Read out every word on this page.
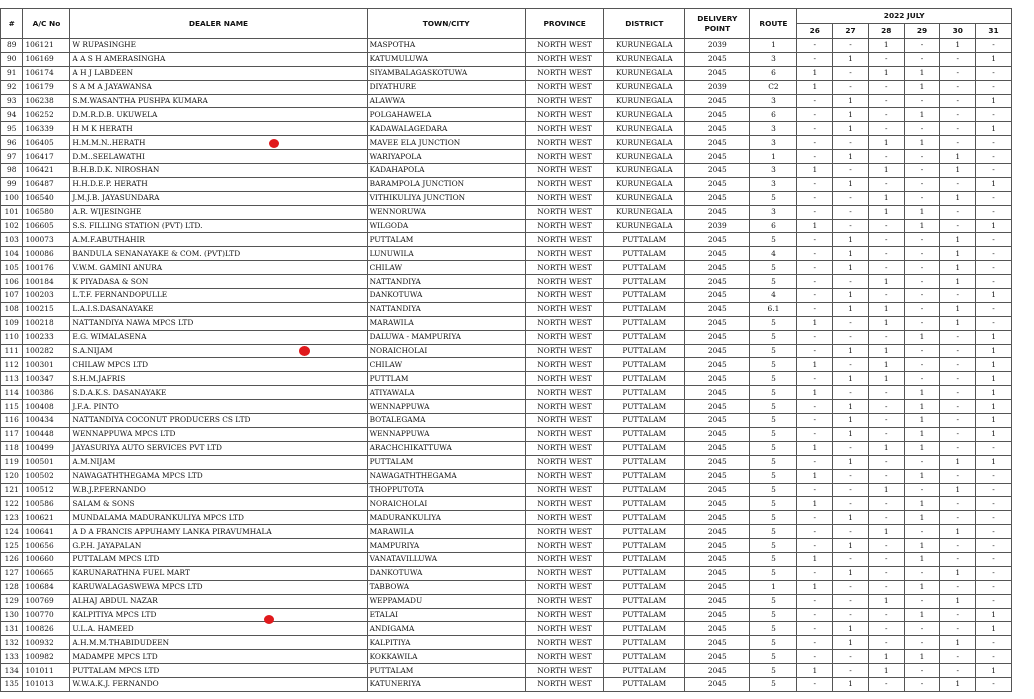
#	A/C No	DEALER NAME	TOWN/CITY	PROVINCE	DISTRICT	DELIVERY POINT	ROUTE	2022 JULY					
								26	27	28	29	30	31
89	106121	W RUPASINGHE	MASPOTHA	NORTH WEST	KURUNEGALA	2039	1	-	-	1	-	1	-
90	106169	A A S H AMERASINGHA	KATUMULUWA	NORTH WEST	KURUNEGALA	2045	3	-	1	-	-	-	1
91	106174	A H J LABDEEN	SIYAMBALAGASKOTUWA	NORTH WEST	KURUNEGALA	2045	6	1	-	1	1	-	-
92	106179	S A M A JAYAWANSA	DIYATHURE	NORTH WEST	KURUNEGALA	2039	C2	1	-	-	1	-	-
93	106238	S.M.WASANTHA PUSHPA KUMARA	ALAWWA	NORTH WEST	KURUNEGALA	2045	3	-	1	-	-	-	1
94	106252	D.M.R.D.B. UKUWELA	POLGAHAWELA	NORTH WEST	KURUNEGALA	2045	6	-	1	-	1	-	-
95	106339	H M K HERATH	KADAWALAGEDARA	NORTH WEST	KURUNEGALA	2045	3	-	1	-	-	-	1
96	106405	H.M.M.N..HERATH	MAVEE ELA JUNCTION	NORTH WEST	KURUNEGALA	2045	3	-	-	1	1	-	-
97	106417	D.M..SEELAWATHI	WARIYAPOLA	NORTH WEST	KURUNEGALA	2045	1	-	1	-	-	1	-
98	106421	B.H.B.D.K. NIROSHAN	KADAHAPOLA	NORTH WEST	KURUNEGALA	2045	3	1	-	1	-	1	-
99	106487	H.H.D.E.P. HERATH	BARAMPOLA JUNCTION	NORTH WEST	KURUNEGALA	2045	3	-	1	-	-	-	1
100	106540	J.M.J.B. JAYASUNDARA	VITHIKULIYA JUNCTION	NORTH WEST	KURUNEGALA	2045	5	-	-	1	-	1	-
101	106580	A.R. WIJESINGHE	WENNORUWA	NORTH WEST	KURUNEGALA	2045	3	-	-	1	1	-	-
102	106605	S.S. FILLING STATION (PVT) LTD.	WILGODA	NORTH WEST	KURUNEGALA	2039	6	1	-	-	1	-	1
103	100073	A.M.F.ABUTHAHIR	PUTTALAM	NORTH WEST	PUTTALAM	2045	5	-	1	-	-	1	-
104	100086	BANDULA SENANAYAKE & COM. (PVT)LTD	LUNUWILA	NORTH WEST	PUTTALAM	2045	4	-	1	-	-	1	-
105	100176	V.W.M. GAMINI ANURA	CHILAW	NORTH WEST	PUTTALAM	2045	5	-	1	-	-	1	-
106	100184	K PIYADASA & SON	NATTANDIYA	NORTH WEST	PUTTALAM	2045	5	-	-	1	-	1	-
107	100203	L.T.F. FERNANDOPULLE	DANKOTUWA	NORTH WEST	PUTTALAM	2045	4	-	1	-	-	-	1
108	100215	L.A.I.S.DASANAYAKE	NATTANDIYA	NORTH WEST	PUTTALAM	2045	6.1	-	1	1	-	1	-
109	100218	NATTANDIYA NAWA MPCS LTD	MARAWILA	NORTH WEST	PUTTALAM	2045	5	1	-	1	-	1	-
110	100233	E.G. WIMALASENA	DALUWA - MAMPURIYA	NORTH WEST	PUTTALAM	2045	5	-	-	-	1	-	1
111	100282	S.A.NIJAM	NORAICHOLAI	NORTH WEST	PUTTALAM	2045	5	-	1	1	-	-	1
112	100301	CHILAW MPCS LTD	CHILAW	NORTH WEST	PUTTALAM	2045	5	1	-	1	-	-	1
113	100347	S.H.M.JAFRIS	PUTTLAM	NORTH WEST	PUTTALAM	2045	5	-	1	1	-	-	1
114	100386	S.D.A.K.S. DASANAYAKE	ATIYAWALA	NORTH WEST	PUTTALAM	2045	5	1	-	-	1	-	1
115	100408	J.F.A. PINTO	WENNAPPUWA	NORTH WEST	PUTTALAM	2045	5	-	1	-	1	-	1
116	100434	NATTANDIYA COCONUT PRODUCERS CS LTD	BOTALEGAMA	NORTH WEST	PUTTALAM	2045	5	-	1	-	1	-	1
117	100448	WENNAPPUWA MPCS LTD	WENNAPPUWA	NORTH WEST	PUTTALAM	2045	5	-	1	-	1	-	1
118	100499	JAYASURIYA AUTO SERVICES PVT LTD	ARACHCHIKATTUWA	NORTH WEST	PUTTALAM	2045	5	1	-	1	1	-	-
119	100501	A.M.NIJAM	PUTTALAM	NORTH WEST	PUTTALAM	2045	5	-	1	-	-	1	1
120	100502	NAWAGATHTHEGAMA MPCS LTD	NAWAGATHTHEGAMA	NORTH WEST	PUTTALAM	2045	5	1	-	-	1	-	-
121	100512	W.B.J.P.FERNANDO	THOPPUTOTA	NORTH WEST	PUTTALAM	2045	5	-	-	1	-	1	-
122	100586	SALAM & SONS	NORAICHOLAI	NORTH WEST	PUTTALAM	2045	5	1	-	-	1	-	-
123	100621	MUNDALAMA MADURANKULIYA MPCS LTD	MADURANKULIYA	NORTH WEST	PUTTALAM	2045	5	-	1	-	1	-	-
124	100641	A D A FRANCIS APPUHAMY LANKA PIRAVUMHALA	MARAWILA	NORTH WEST	PUTTALAM	2045	5	-	-	1	-	1	-
125	100656	G.P.H. JAYAPALAN	MAMPURIYA	NORTH WEST	PUTTALAM	2045	5	-	1	-	1	-	-
126	100660	PUTTALAM MPCS LTD	VANATAVILLUWA	NORTH WEST	PUTTALAM	2045	5	1	-	-	1	-	-
127	100665	KARUNARATHNA FUEL MART	DANKOTUWA	NORTH WEST	PUTTALAM	2045	5	-	1	-	-	1	-
128	100684	KARUWALAGASWEWA MPCS LTD	TABBOWA	NORTH WEST	PUTTALAM	2045	1	1	-	-	1	-	-
129	100769	ALHAJ ABDUL NAZAR	WEPPAMADU	NORTH WEST	PUTTALAM	2045	5	-	-	1	-	1	-
130	100770	KALPITIYA MPCS LTD	ETALAI	NORTH WEST	PUTTALAM	2045	5	-	-	-	1	-	1
131	100826	U.L.A. HAMEED	ANDIGAMA	NORTH WEST	PUTTALAM	2045	5	-	1	-	-	-	1
132	100932	A.H.M.M.THABIDUDEEN	KALPITIYA	NORTH WEST	PUTTALAM	2045	5	-	1	-	-	1	-
133	100982	MADAMPE MPCS LTD	KOKKAWILA	NORTH WEST	PUTTALAM	2045	5	-	-	1	1	-	-
134	101011	PUTTALAM MPCS LTD	PUTTALAM	NORTH WEST	PUTTALAM	2045	5	1	-	1	-	-	1
135	101013	W.W.A.K.J. FERNANDO	KATUNERIYA	NORTH WEST	PUTTALAM	2045	5	-	1	-	-	1	-
